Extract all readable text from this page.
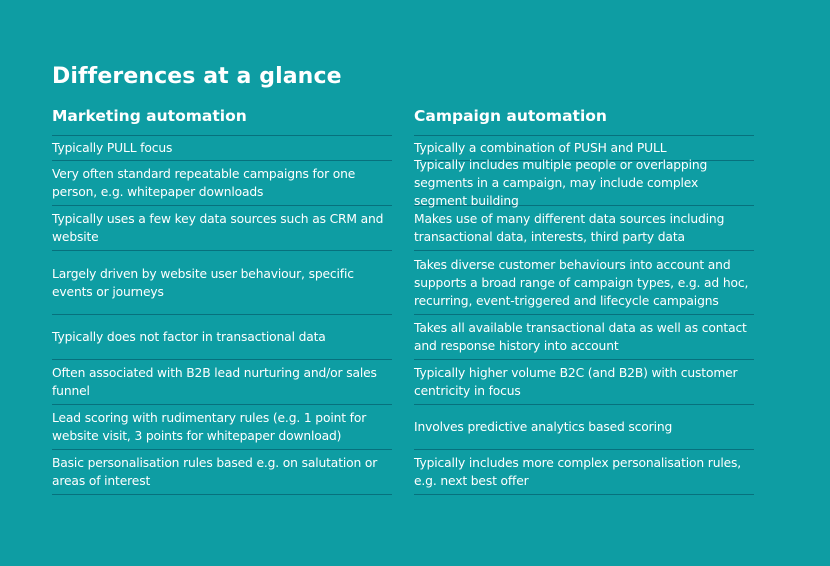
Differences at a glance
Marketing automation
Typically PULL focus
Very often standard repeatable campaigns for one person, e.g. whitepaper downloads
Typically uses a few key data sources such as CRM and website
Largely driven by website user behaviour, specific events or journeys
Typically does not factor in transactional data
Often associated with B2B lead nurturing and/or sales funnel
Lead scoring with rudimentary rules (e.g. 1 point for website visit, 3 points for whitepaper download)
Basic personalisation rules based e.g. on salutation or areas of interest
Campaign automation
Typically a combination of PUSH and PULL
Typically includes multiple people or overlapping segments in a campaign, may include complex segment building
Makes use of many different data sources including transactional data, interests, third party data
Takes diverse customer behaviours into account and supports a broad range of campaign types, e.g. ad hoc, recurring, event-triggered and lifecycle campaigns
Takes all available transactional data as well as contact and response history into account
Typically higher volume B2C (and B2B) with customer centricity in focus
Involves predictive analytics based scoring
Typically includes more complex personalisation rules, e.g. next best offer
